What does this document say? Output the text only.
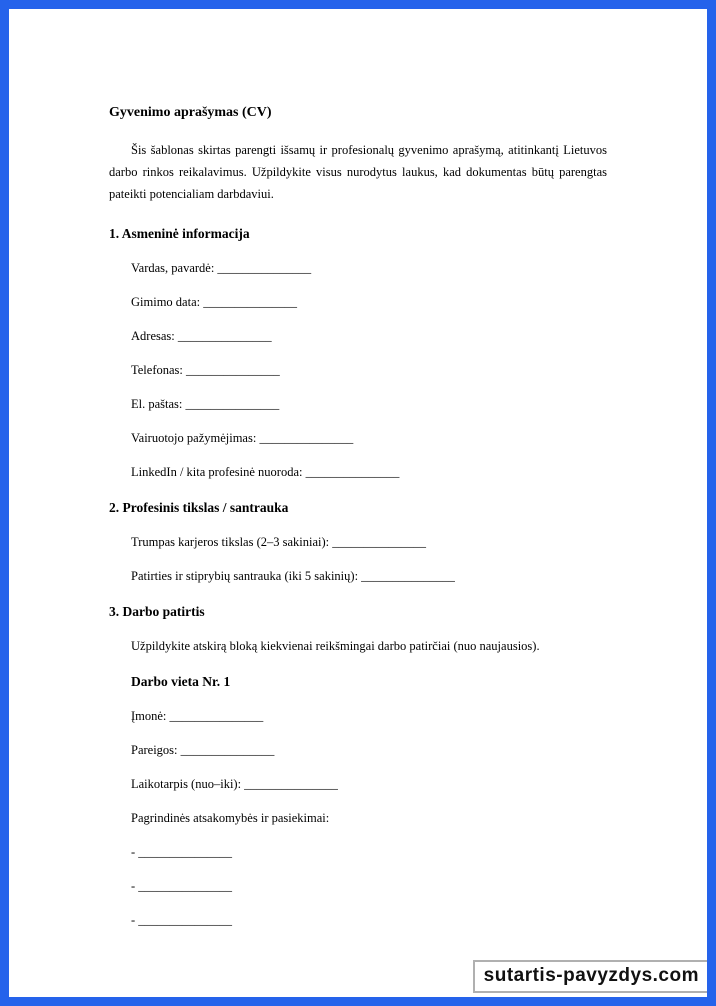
Gyvenimo aprašymas (CV)

Šis šablonas skirtas parengti išsamų ir profesionalų gyvenimo aprašymą, atitinkantį Lietuvos darbo rinkos reikalavimus. Užpildykite visus nurodytus laukus, kad dokumentas būtų parengtas pateikti potencialiam darbdaviui.

1. Asmeninė informacija

Vardas, pavardė: _______________

Gimimo data: _______________

Adresas: _______________

Telefonas: _______________

El. paštas: _______________

Vairuotojo pažymėjimas: _______________

LinkedIn / kita profesinė nuoroda: _______________

2. Profesinis tikslas / santrauka

Trumpas karjeros tikslas (2–3 sakiniai): _______________

Patirties ir stiprybių santrauka (iki 5 sakinių): _______________

3. Darbo patirtis

Užpildykite atskirą bloką kiekvienai reikšmingai darbo patirčiai (nuo naujausios).

Darbo vieta Nr. 1

Įmonė: _______________

Pareigos: _______________

Laikotarpis (nuo–iki): _______________

Pagrindinės atsakomybės ir pasiekimai:

- _______________

- _______________

- _______________

sutartis-pavyzdys.com
